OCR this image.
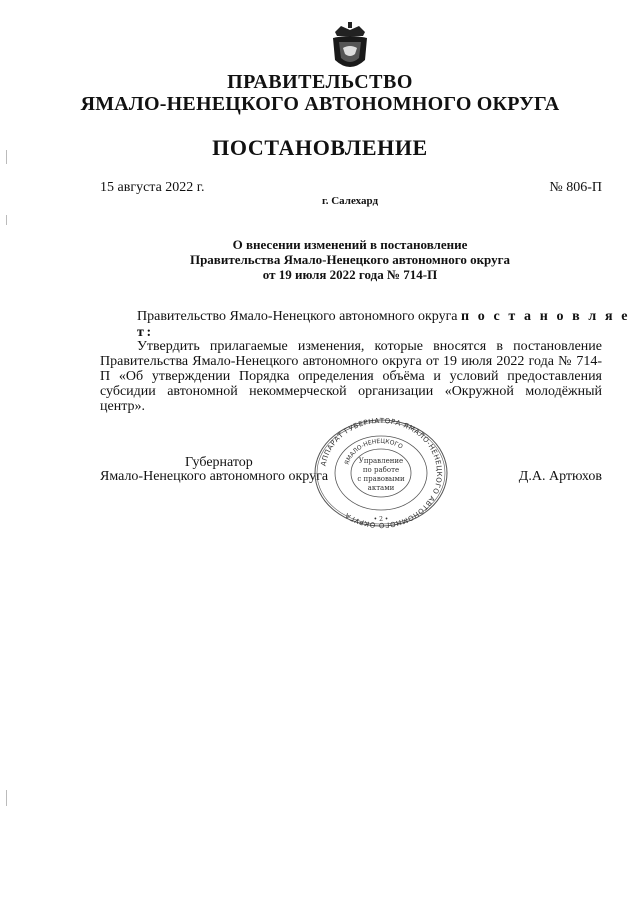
ПРАВИТЕЛЬСТВО
ЯМАЛО-НЕНЕЦКОГО АВТОНОМНОГО ОКРУГА
ПОСТАНОВЛЕНИЕ
15 августа 2022 г.	№ 806-П
г. Салехард
О внесении изменений в постановление
Правительства Ямало-Ненецкого автономного округа
от 19 июля 2022 года № 714-П
Правительство Ямало-Ненецкого автономного округа п о с т а н о в л я е т:
Утвердить прилагаемые изменения, которые вносятся в постановление Правительства Ямало-Ненецкого автономного округа от 19 июля 2022 года № 714-П «Об утверждении Порядка определения объёма и условий предоставления субсидии автономной некоммерческой организации «Окружной молодёжный центр».
Губернатор
Ямало-Ненецкого автономного округа	Д.А. Артюхов
АППАРАТ ГУБЕРНАТОРА ЯМАЛО-НЕНЕЦКОГО АВТОНОМНОГО ОКРУГА
ЯМАЛО-НЕНЕЦКОГО
Управление
по работе
с правовыми
актами
• 2 •
